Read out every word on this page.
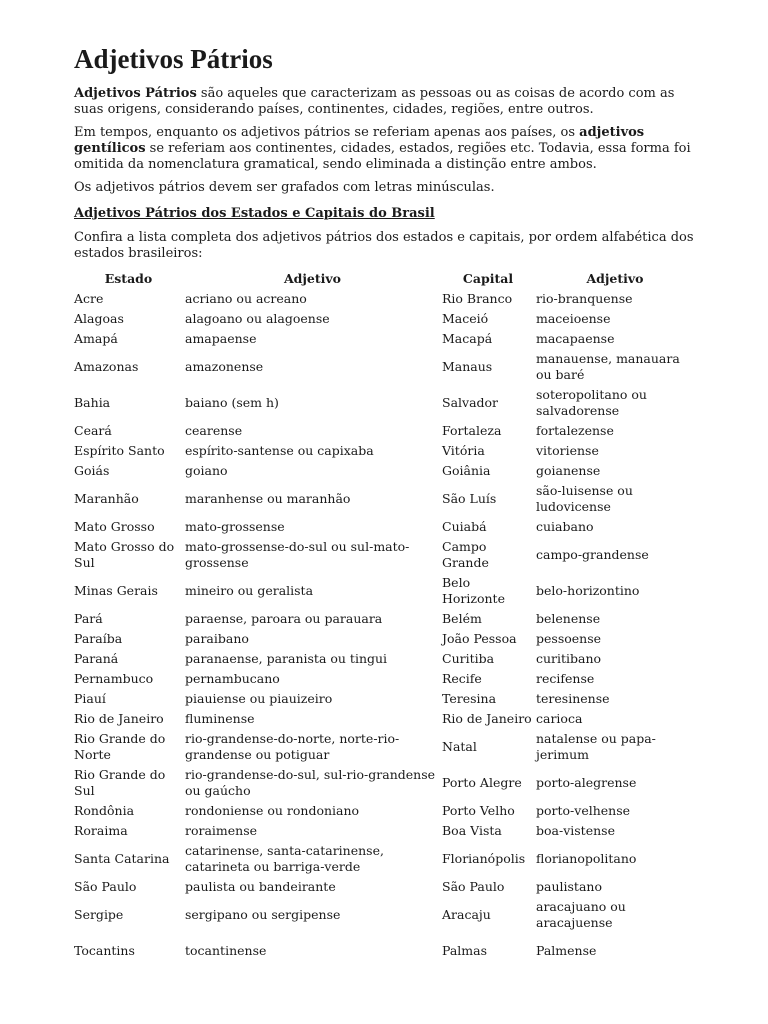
Adjetivos Pátrios

Adjetivos Pátrios são aqueles que caracterizam as pessoas ou as coisas de acordo com as suas origens, considerando países, continentes, cidades, regiões, entre outros.

Em tempos, enquanto os adjetivos pátrios se referiam apenas aos países, os adjetivos gentílicos se referiam aos continentes, cidades, estados, regiões etc. Todavia, essa forma foi omitida da nomenclatura gramatical, sendo eliminada a distinção entre ambos.

Os adjetivos pátrios devem ser grafados com letras minúsculas.

Adjetivos Pátrios dos Estados e Capitais do Brasil

Confira a lista completa dos adjetivos pátrios dos estados e capitais, por ordem alfabética dos estados brasileiros:

Estado	Adjetivo	Capital	Adjetivo
Acre	acriano ou acreano	Rio Branco	rio-branquense
Alagoas	alagoano ou alagoense	Maceió	maceioense
Amapá	amapaense	Macapá	macapaense
Amazonas	amazonense	Manaus	manauense, manauara ou baré
Bahia	baiano (sem h)	Salvador	soteropolitano ou salvadorense
Ceará	cearense	Fortaleza	fortalezense
Espírito Santo	espírito-santense ou capixaba	Vitória	vitoriense
Goiás	goiano	Goiânia	goianense
Maranhão	maranhense ou maranhão	São Luís	são-luisense ou ludovicense
Mato Grosso	mato-grossense	Cuiabá	cuiabano
Mato Grosso do Sul	mato-grossense-do-sul ou sul-mato-grossense	Campo Grande	campo-grandense
Minas Gerais	mineiro ou geralista	Belo Horizonte	belo-horizontino
Pará	paraense, paroara ou parauara	Belém	belenense
Paraíba	paraibano	João Pessoa	pessoense
Paraná	paranaense, paranista ou tingui	Curitiba	curitibano
Pernambuco	pernambucano	Recife	recifense
Piauí	piauiense ou piauizeiro	Teresina	teresinense
Rio de Janeiro	fluminense	Rio de Janeiro	carioca
Rio Grande do Norte	rio-grandense-do-norte, norte-rio-grandense ou potiguar	Natal	natalense ou papa-jerimum
Rio Grande do Sul	rio-grandense-do-sul, sul-rio-grandense ou gaúcho	Porto Alegre	porto-alegrense
Rondônia	rondoniense ou rondoniano	Porto Velho	porto-velhense
Roraima	roraimense	Boa Vista	boa-vistense
Santa Catarina	catarinense, santa-catarinense, catarineta ou barriga-verde	Florianópolis	florianopolitano
São Paulo	paulista ou bandeirante	São Paulo	paulistano
Sergipe	sergipano ou sergipense	Aracaju	aracajuano ou aracajuense
Tocantins	tocantinense	Palmas	Palmense
